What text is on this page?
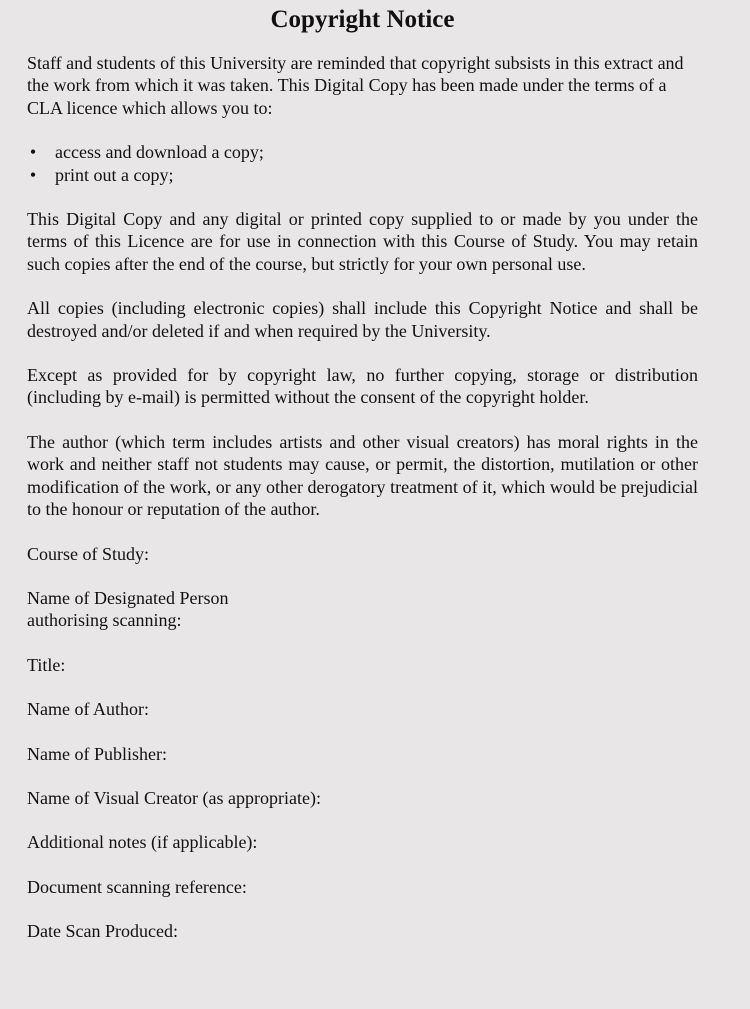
Copyright Notice

Staff and students of this University are reminded that copyright subsists in this extract and the work from which it was taken. This Digital Copy has been made under the terms of a CLA licence which allows you to:

• access and download a copy;
• print out a copy;

This Digital Copy and any digital or printed copy supplied to or made by you under the terms of this Licence are for use in connection with this Course of Study. You may retain such copies after the end of the course, but strictly for your own personal use.

All copies (including electronic copies) shall include this Copyright Notice and shall be destroyed and/or deleted if and when required by the University.

Except as provided for by copyright law, no further copying, storage or distribution (including by e-mail) is permitted without the consent of the copyright holder.

The author (which term includes artists and other visual creators) has moral rights in the work and neither staff not students may cause, or permit, the distortion, mutilation or other modification of the work, or any other derogatory treatment of it, which would be prejudicial to the honour or reputation of the author.

Course of Study:

Name of Designated Person
authorising scanning:

Title:

Name of Author:

Name of Publisher:

Name of Visual Creator (as appropriate):

Additional notes (if applicable):

Document scanning reference:

Date Scan Produced:
